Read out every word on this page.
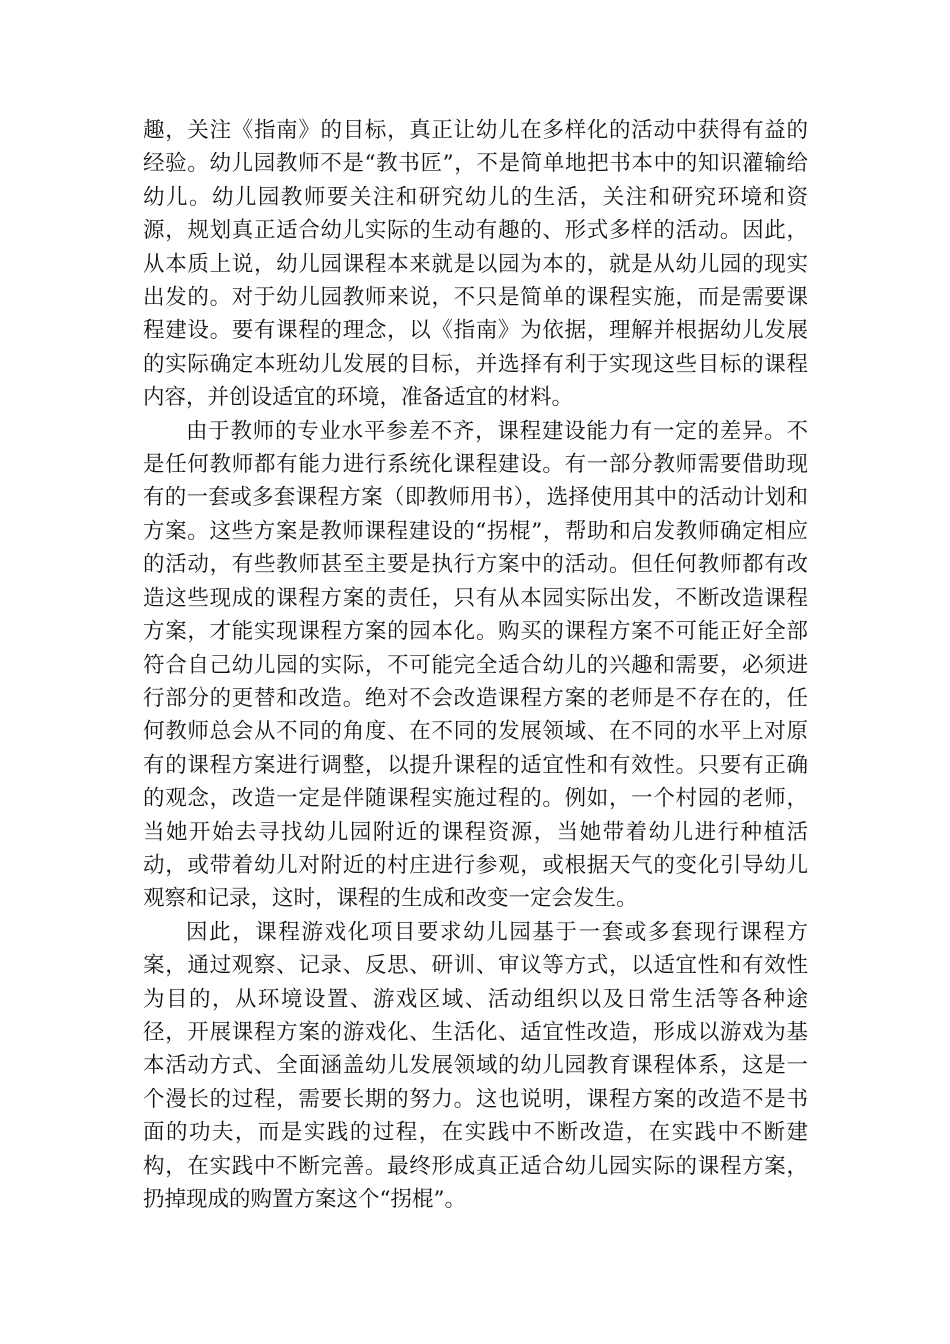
趣，关注《指南》的目标，真正让幼儿在多样化的活动中获得有益的经验。幼儿园教师不是“教书匠”，不是简单地把书本中的知识灌输给幼儿。幼儿园教师要关注和研究幼儿的生活，关注和研究环境和资源，规划真正适合幼儿实际的生动有趣的、形式多样的活动。因此，从本质上说，幼儿园课程本来就是以园为本的，就是从幼儿园的现实出发的。对于幼儿园教师来说，不只是简单的课程实施，而是需要课程建设。要有课程的理念，以《指南》为依据，理解并根据幼儿发展的实际确定本班幼儿发展的目标，并选择有利于实现这些目标的课程内容，并创设适宜的环境，准备适宜的材料。

由于教师的专业水平参差不齐，课程建设能力有一定的差异。不是任何教师都有能力进行系统化课程建设。有一部分教师需要借助现有的一套或多套课程方案（即教师用书），选择使用其中的活动计划和方案。这些方案是教师课程建设的“拐棍”，帮助和启发教师确定相应的活动，有些教师甚至主要是执行方案中的活动。但任何教师都有改造这些现成的课程方案的责任，只有从本园实际出发，不断改造课程方案，才能实现课程方案的园本化。购买的课程方案不可能正好全部符合自己幼儿园的实际，不可能完全适合幼儿的兴趣和需要，必须进行部分的更替和改造。绝对不会改造课程方案的老师是不存在的，任何教师总会从不同的角度、在不同的发展领域、在不同的水平上对原有的课程方案进行调整，以提升课程的适宜性和有效性。只要有正确的观念，改造一定是伴随课程实施过程的。例如，一个村园的老师，当她开始去寻找幼儿园附近的课程资源，当她带着幼儿进行种植活动，或带着幼儿对附近的村庄进行参观，或根据天气的变化引导幼儿观察和记录，这时，课程的生成和改变一定会发生。

因此，课程游戏化项目要求幼儿园基于一套或多套现行课程方案，通过观察、记录、反思、研训、审议等方式，以适宜性和有效性为目的，从环境设置、游戏区域、活动组织以及日常生活等各种途径，开展课程方案的游戏化、生活化、适宜性改造，形成以游戏为基本活动方式、全面涵盖幼儿发展领域的幼儿园教育课程体系，这是一个漫长的过程，需要长期的努力。这也说明，课程方案的改造不是书面的功夫，而是实践的过程，在实践中不断改造，在实践中不断建构，在实践中不断完善。最终形成真正适合幼儿园实际的课程方案，扔掉现成的购置方案这个“拐棍”。
